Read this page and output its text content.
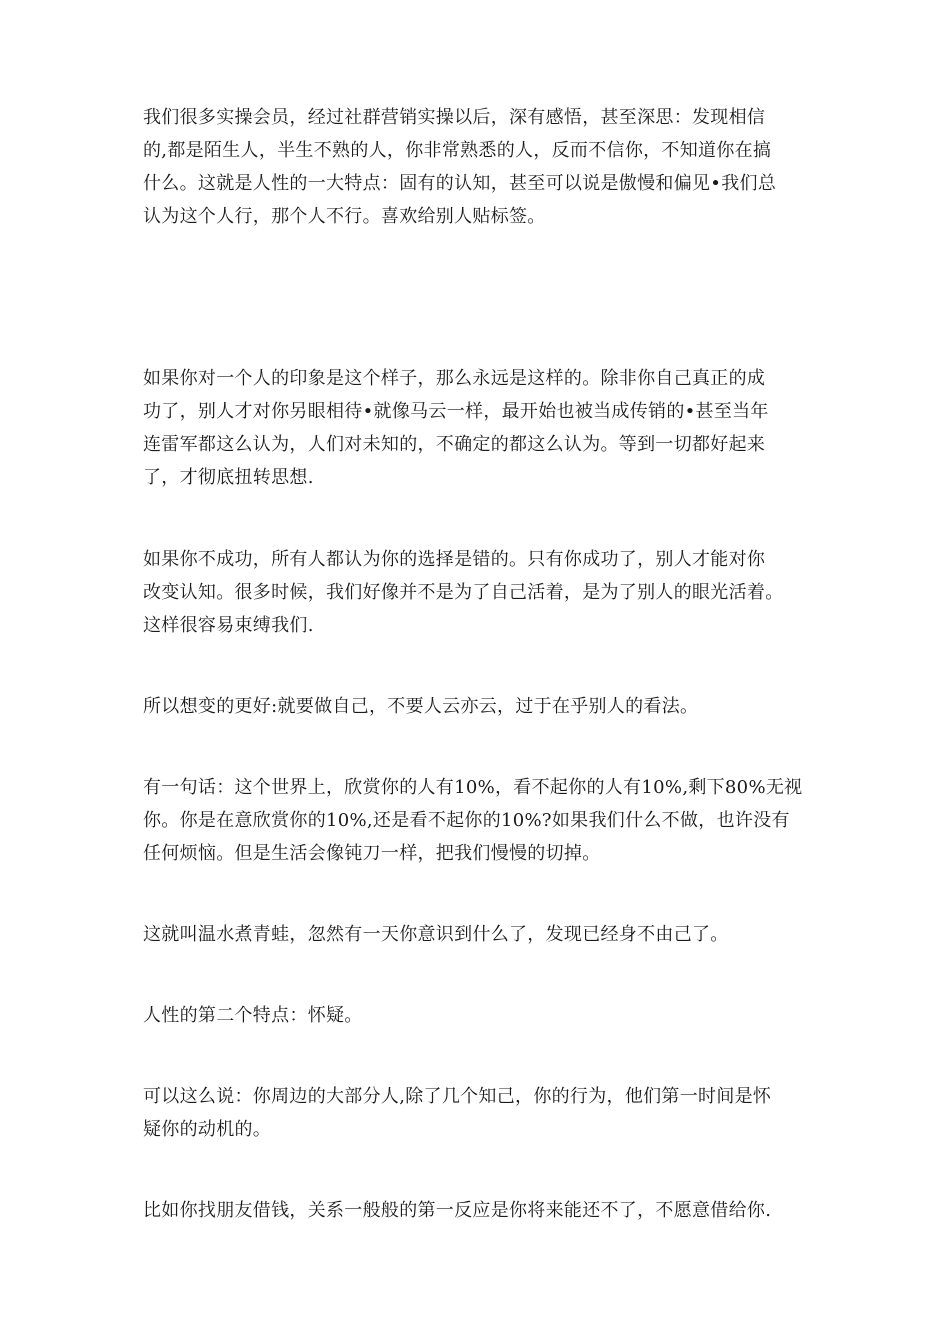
我们很多实操会员，经过社群营销实操以后，深有感悟，甚至深思：发现相信
的,都是陌生人，半生不熟的人，你非常熟悉的人，反而不信你，不知道你在搞
什么。这就是人性的一大特点：固有的认知，甚至可以说是傲慢和偏见•我们总
认为这个人行，那个人不行。喜欢给别人贴标签。

如果你对一个人的印象是这个样子，那么永远是这样的。除非你自己真正的成
功了，别人才对你另眼相待•就像马云一样，最开始也被当成传销的•甚至当年
连雷军都这么认为，人们对未知的，不确定的都这么认为。等到一切都好起来
了，才彻底扭转思想.

如果你不成功，所有人都认为你的选择是错的。只有你成功了，别人才能对你
改变认知。很多时候，我们好像并不是为了自己活着，是为了别人的眼光活着。
这样很容易束缚我们.

所以想变的更好:就要做自己，不要人云亦云，过于在乎别人的看法。

有一句话：这个世界上，欣赏你的人有10%，看不起你的人有10%,剩下80%无视
你。你是在意欣赏你的10%,还是看不起你的10%?如果我们什么不做，也许没有
任何烦恼。但是生活会像钝刀一样，把我们慢慢的切掉。

这就叫温水煮青蛙，忽然有一天你意识到什么了，发现已经身不由己了。

人性的第二个特点：怀疑。

可以这么说：你周边的大部分人,除了几个知己，你的行为，他们第一时间是怀
疑你的动机的。

比如你找朋友借钱，关系一般般的第一反应是你将来能还不了，不愿意借给你.
